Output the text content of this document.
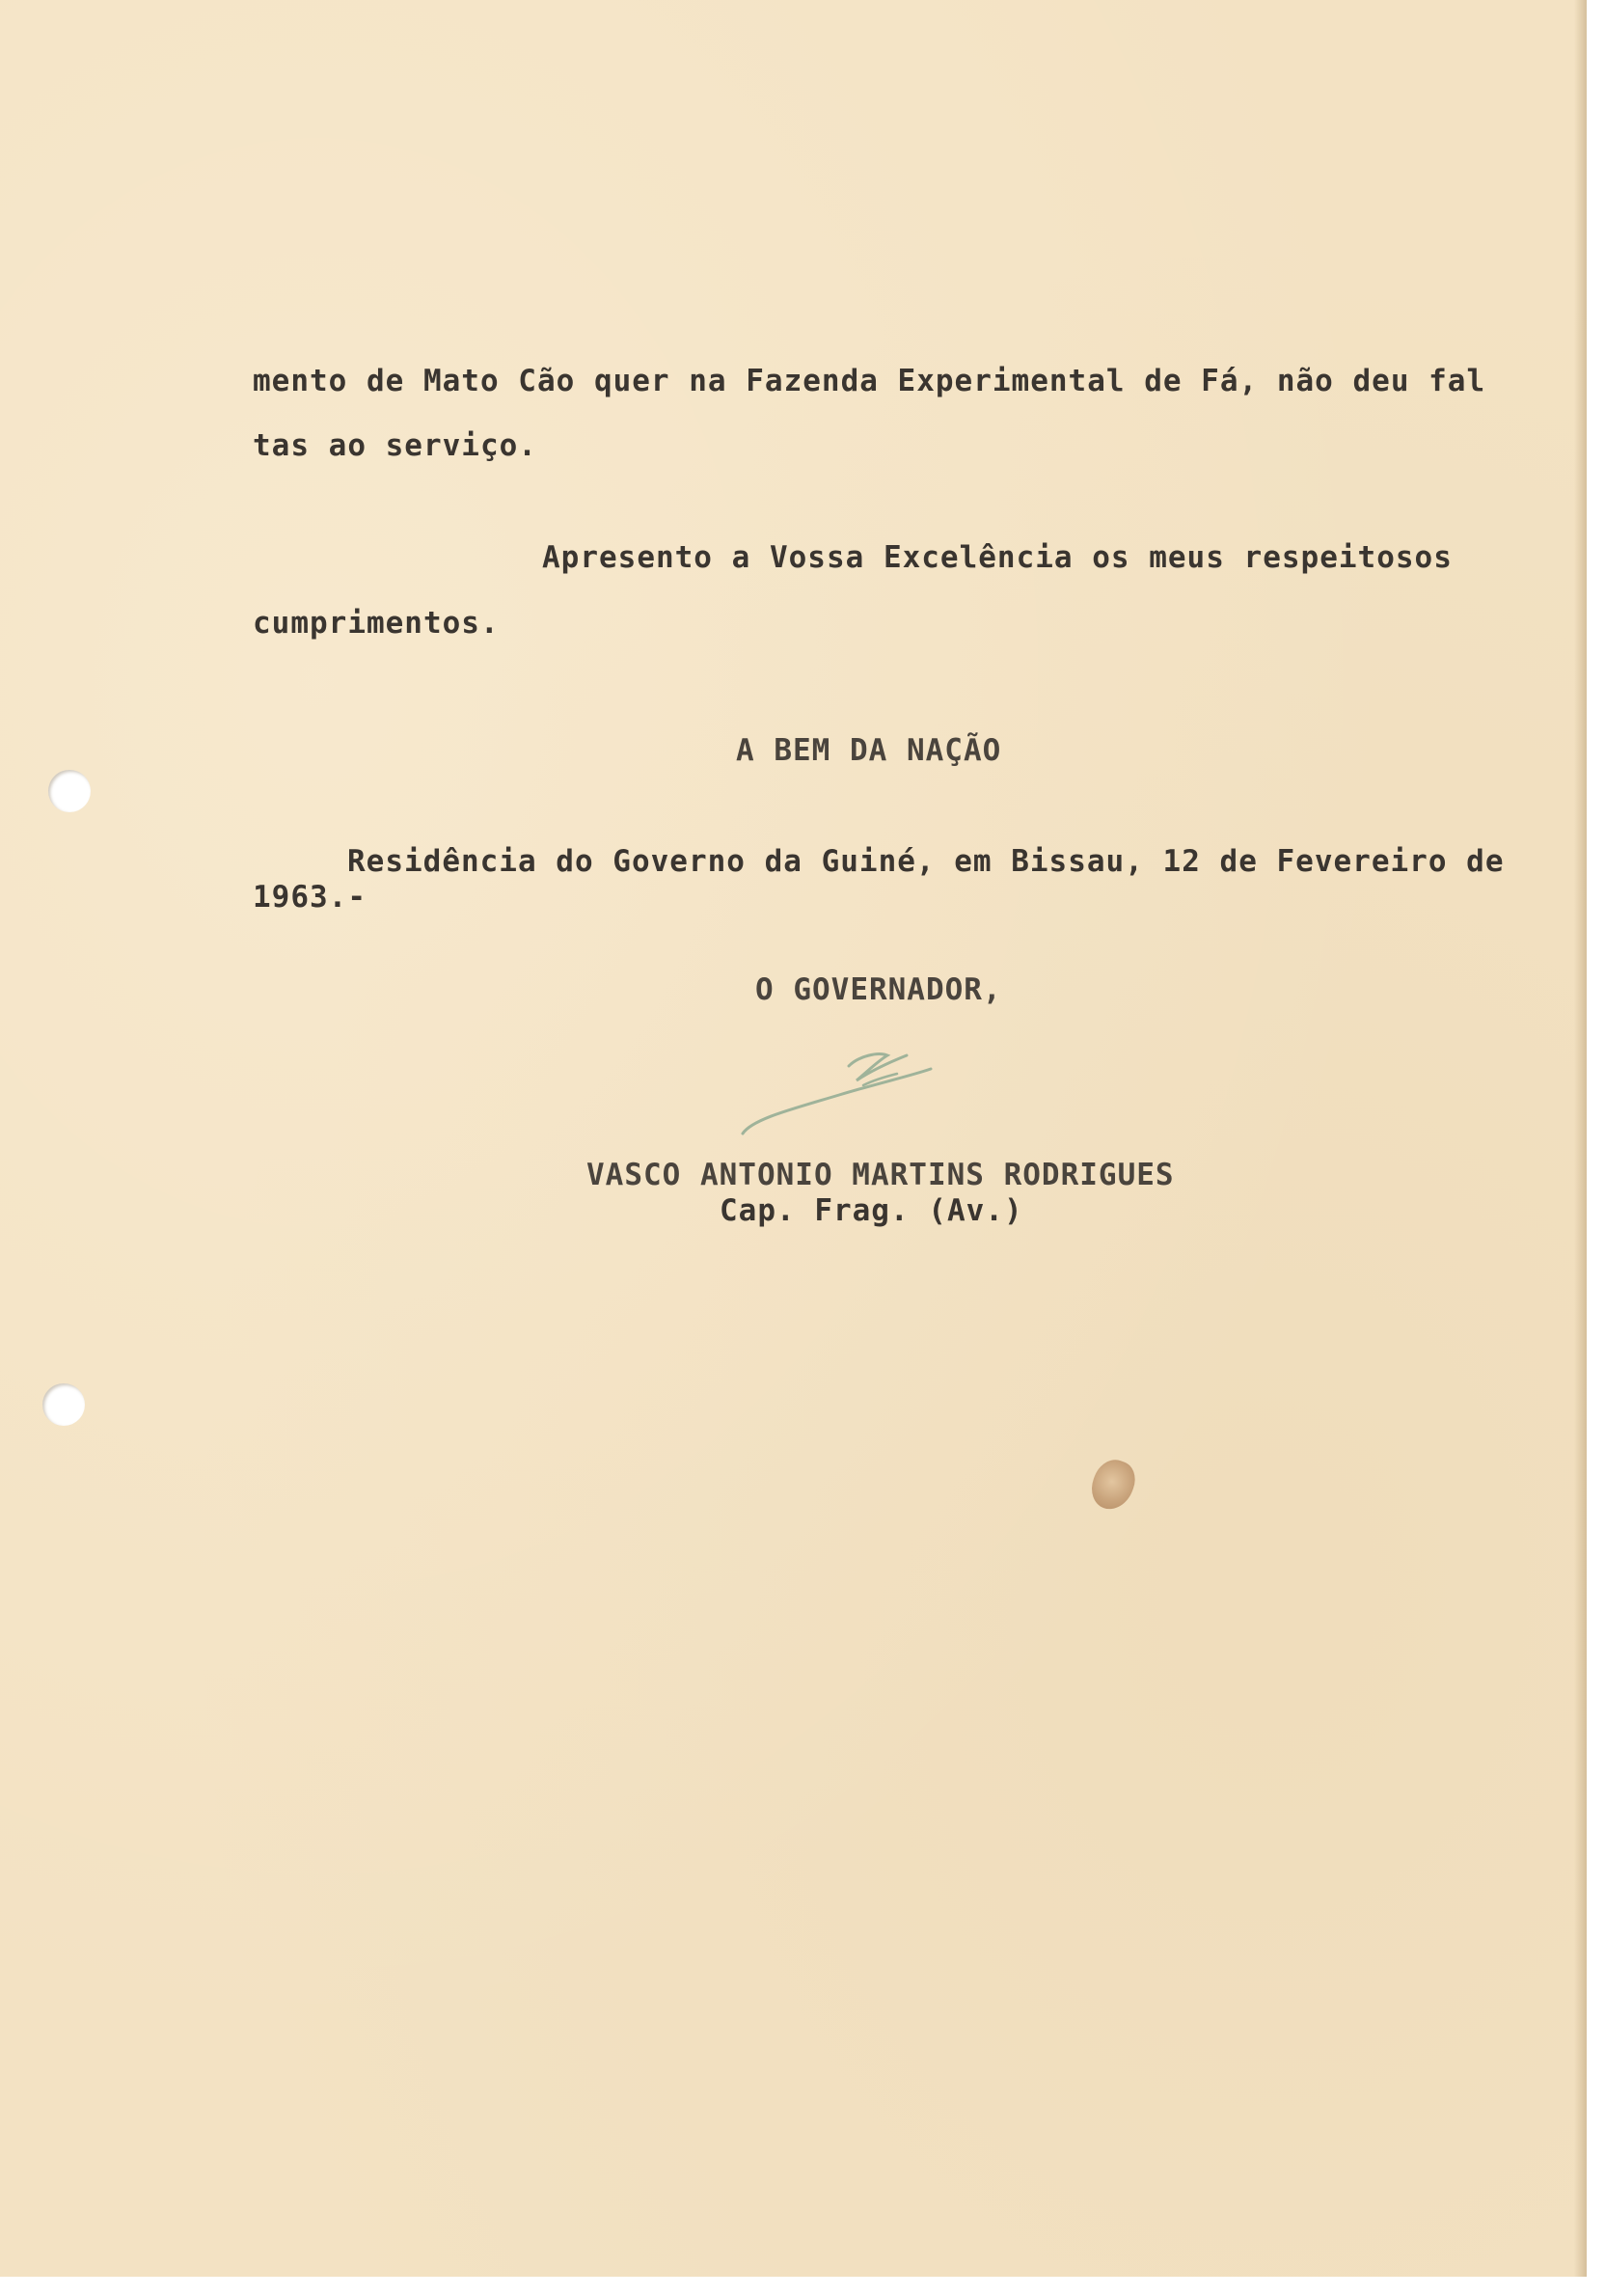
mento de Mato Cão quer na Fazenda Experimental de Fá, não deu fal

tas ao serviço.

Apresento a Vossa Excelência os meus respeitosos

cumprimentos.

A BEM DA NAÇÃO

Residência do Governo da Guiné, em Bissau, 12 de Fevereiro de

1963.-

O GOVERNADOR,

VASCO ANTONIO MARTINS RODRIGUES

Cap. Frag. (Av.)
